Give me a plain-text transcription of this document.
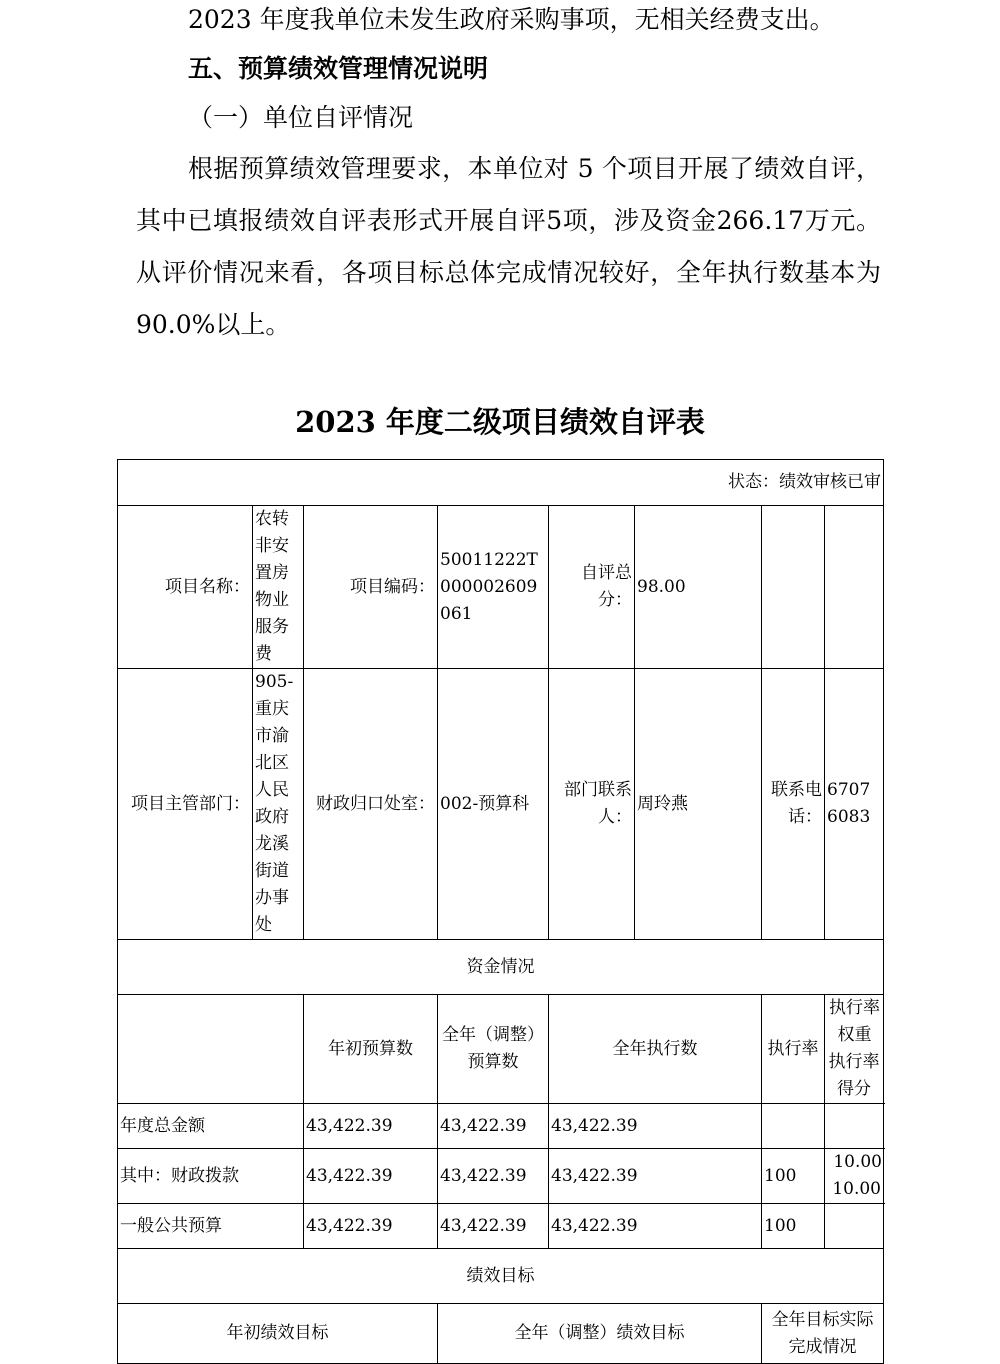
2023 年度我单位未发生政府采购事项，无相关经费支出。
五、预算绩效管理情况说明
（一）单位自评情况
根据预算绩效管理要求，本单位对 5 个项目开展了绩效自评，其中已填报绩效自评表形式开展自评5项，涉及资金266.17万元。从评价情况来看，各项目标总体完成情况较好，全年执行数基本为 90.0%以上。
2023 年度二级项目绩效自评表
状态：绩效审核已审							
项目名称：	农转非安置房物业服务费	项目编码：	50011222T000002609061	自评总分：	98.00		
项目主管部门：	905-重庆市渝北区人民政府龙溪街道办事处	财政归口处室：	002-预算科	部门联系人：	周玲燕	联系电话：	67076083
资金情况							
		年初预算数	全年（调整）预算数	全年执行数		执行率	执行率权重执行率得分
年度总金额		43,422.39	43,422.39	43,422.39			
其中：财政拨款		43,422.39	43,422.39	43,422.39		100	10.0010.00
一般公共预算		43,422.39	43,422.39	43,422.39		100	
绩效目标							
年初绩效目标			全年（调整）绩效目标			全年目标实际完成情况	
